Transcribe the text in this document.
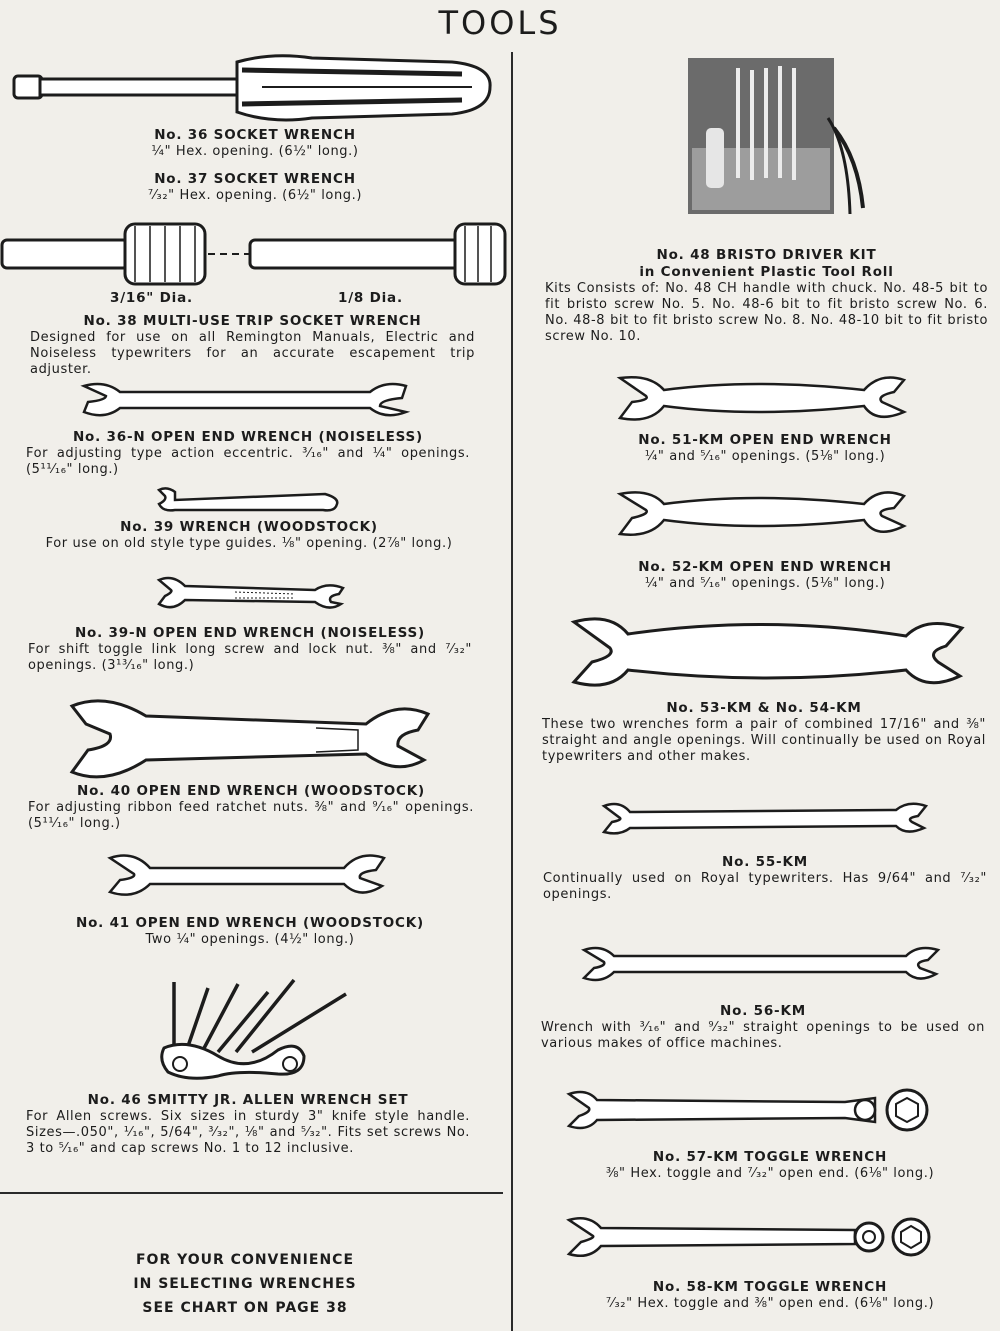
TOOLS
No. 36 SOCKET WRENCH
¼" Hex. opening. (6½" long.)
No. 37 SOCKET WRENCH
⁷⁄₃₂" Hex. opening. (6½" long.)
3/16" Dia.	1/8 Dia.
No. 38 MULTI-USE TRIP SOCKET WRENCH
Designed for use on all Remington Manuals, Electric and Noiseless typewriters for an accurate escapement trip adjuster.
No. 36-N OPEN END WRENCH (NOISELESS)
For adjusting type action eccentric. ³⁄₁₆" and ¼" openings. (5¹¹⁄₁₆" long.)
No. 39 WRENCH (WOODSTOCK)
For use on old style type guides. ⅛" opening. (2⅞" long.)
No. 39-N OPEN END WRENCH (NOISELESS)
For shift toggle link long screw and lock nut. ⅜" and ⁷⁄₃₂" openings. (3¹³⁄₁₆" long.)
No. 40 OPEN END WRENCH (WOODSTOCK)
For adjusting ribbon feed ratchet nuts. ⅜" and ⁹⁄₁₆" openings. (5¹¹⁄₁₆" long.)
No. 41 OPEN END WRENCH (WOODSTOCK)
Two ¼" openings. (4½" long.)
No. 46 SMITTY JR. ALLEN WRENCH SET
For Allen screws. Six sizes in sturdy 3" knife style handle. Sizes—.050", ¹⁄₁₆", 5/64", ³⁄₃₂", ⅛" and ⁵⁄₃₂". Fits set screws No. 3 to ⁵⁄₁₆" and cap screws No. 1 to 12 inclusive.
FOR YOUR CONVENIENCE
IN SELECTING WRENCHES
SEE CHART ON PAGE 38
No. 48 BRISTO DRIVER KIT
in Convenient Plastic Tool Roll
Kits Consists of: No. 48 CH handle with chuck. No. 48-5 bit to fit bristo screw No. 5. No. 48-6 bit to fit bristo screw No. 6. No. 48-8 bit to fit bristo screw No. 8. No. 48-10 bit to fit bristo screw No. 10.
No. 51-KM OPEN END WRENCH
¼" and ⁵⁄₁₆" openings. (5⅛" long.)
No. 52-KM OPEN END WRENCH
¼" and ⁵⁄₁₆" openings. (5⅛" long.)
No. 53-KM & No. 54-KM
These two wrenches form a pair of combined 17/16" and ⅜" straight and angle openings. Will continually be used on Royal typewriters and other makes.
No. 55-KM
Continually used on Royal typewriters. Has 9/64" and ⁷⁄₃₂" openings.
No. 56-KM
Wrench with ³⁄₁₆" and ⁹⁄₃₂" straight openings to be used on various makes of office machines.
No. 57-KM TOGGLE WRENCH
⅜" Hex. toggle and ⁷⁄₃₂" open end. (6⅛" long.)
No. 58-KM TOGGLE WRENCH
⁷⁄₃₂" Hex. toggle and ⅜" open end. (6⅛" long.)
